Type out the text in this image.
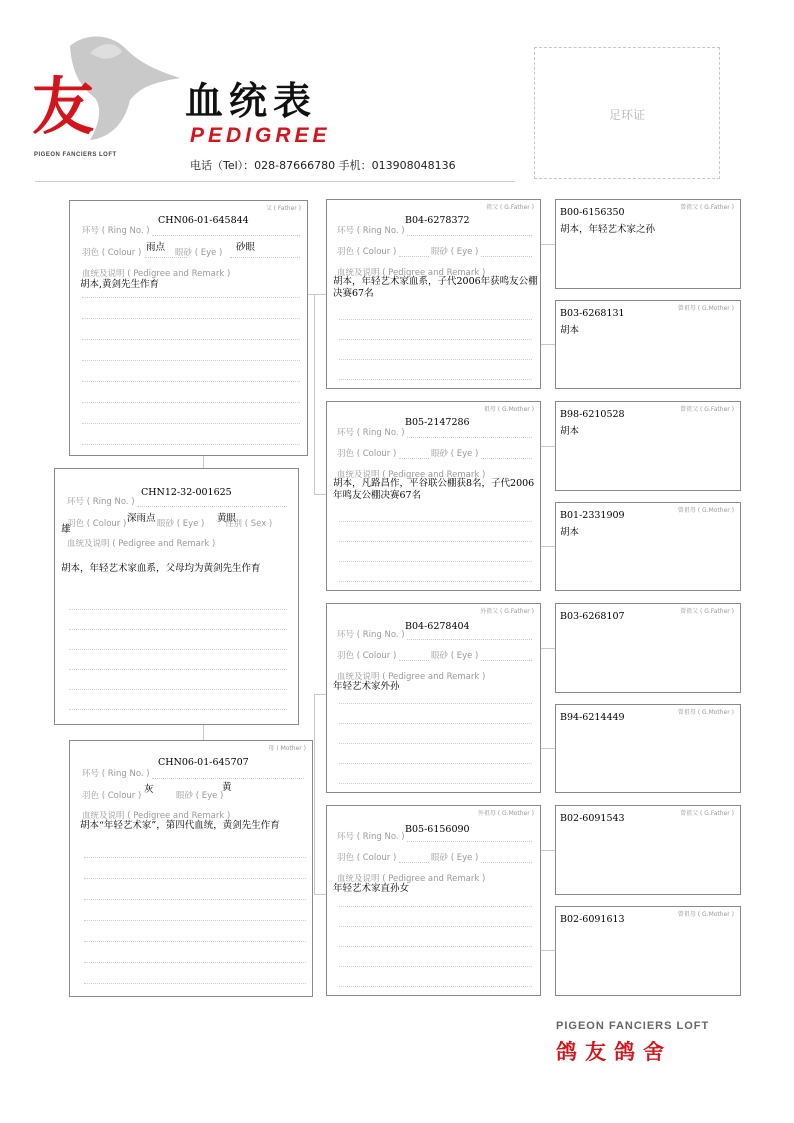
友
PIGEON FANCIERS LOFT
血统表
PEDIGREE
电话（Tel）：028-87666780 手机：013908048136
足环证
父 ( Father )
环号 ( Ring No. )
CHN06-01-645844
羽色 ( Colour ) 雨点 眼砂 ( Eye ) 砂眼
血统及说明 ( Pedigree and Remark )
胡本,黄剑先生作育
环号 ( Ring No. )
CHN12-32-001625
羽色 ( Colour ) 深雨点 眼砂 ( Eye ) 黄眼
性别 ( Sex )
雄
血统及说明 ( Pedigree and Remark )
胡本，年轻艺术家血系，父母均为黄剑先生作育
母 ( Mother )
环号 ( Ring No. )
CHN06-01-645707
羽色 ( Colour )
灰
眼砂 ( Eye )
黄
血统及说明 ( Pedigree and Remark )
胡本“年轻艺术家”，第四代血统，黄剑先生作育
祖父 ( G.Father )
环号 ( Ring No. )
B04-6278372
羽色 ( Colour )	眼砂 ( Eye )
血统及说明 ( Pedigree and Remark )
胡本，年轻艺术家血系，子代2006年获鸣友公棚决赛67名
祖母 ( G.Mother )
环号 ( Ring No. )
B05-2147286
羽色 ( Colour )	眼砂 ( Eye )
血统及说明 ( Pedigree and Remark )
胡本，凡路昌作，平谷联公棚获8名，子代2006年鸣友公棚决赛67名
外祖父 ( G.Father )
环号 ( Ring No. )
B04-6278404
羽色 ( Colour )	眼砂 ( Eye )
血统及说明 ( Pedigree and Remark )
年轻艺术家外孙
外祖母 ( G.Mother )
环号 ( Ring No. )
B05-6156090
羽色 ( Colour )	眼砂 ( Eye )
血统及说明 ( Pedigree and Remark )
年轻艺术家直孙女
曾祖父 ( G.Father )
B00-6156350
胡本，年轻艺术家之孙
曾祖母 ( G.Mother )
B03-6268131
胡本
曾祖父 ( G.Father )
B98-6210528
胡本
曾祖母 ( G.Mother )
B01-2331909
胡本
曾祖父 ( G.Father )
B03-6268107
曾祖母 ( G.Mother )
B94-6214449
曾祖父 ( G.Father )
B02-6091543
曾祖母 ( G.Mother )
B02-6091613
PIGEON FANCIERS LOFT
鸽友鸽舍
